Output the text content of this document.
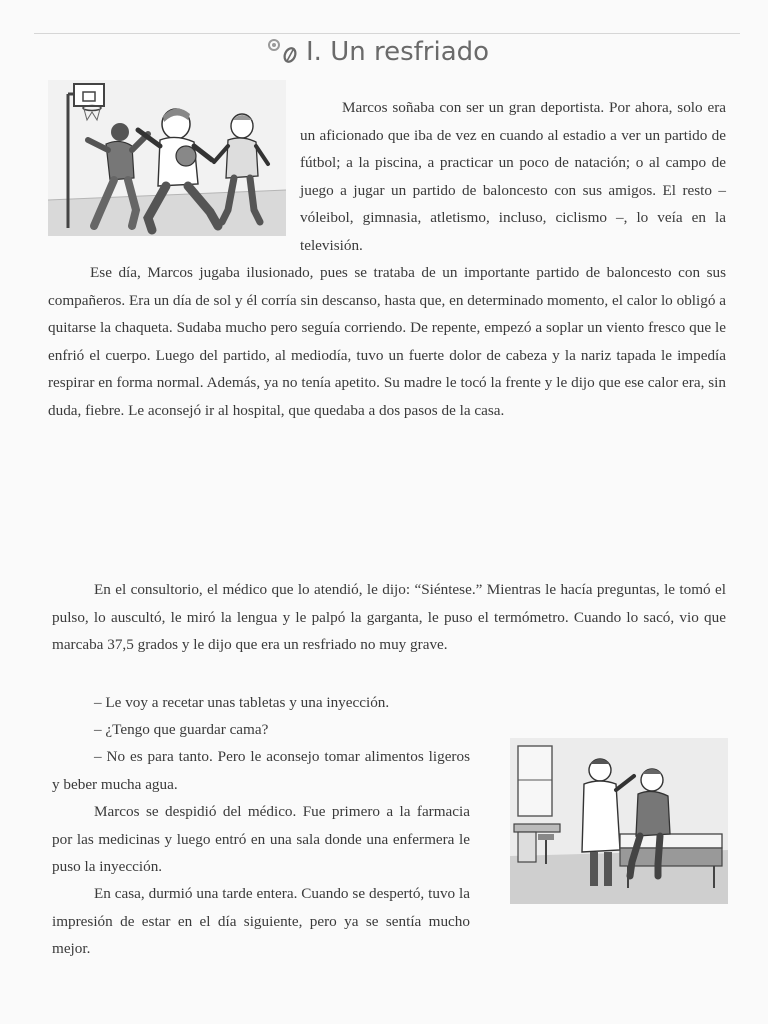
I. Un resfriado

Marcos soñaba con ser un gran deportista. Por ahora, solo era un aficionado que iba de vez en cuando al estadio a ver un partido de fútbol; a la piscina, a practicar un poco de natación; o al campo de juego a jugar un partido de baloncesto con sus amigos. El resto – vóleibol, gimnasia, atletismo, incluso, ciclismo –, lo veía en la televisión.

Ese día, Marcos jugaba ilusionado, pues se trataba de un importante partido de baloncesto con sus compañeros. Era un día de sol y él corría sin descanso, hasta que, en determinado momento, el calor lo obligó a quitarse la chaqueta. Sudaba mucho pero seguía corriendo. De repente, empezó a soplar un viento fresco que le enfrió el cuerpo. Luego del partido, al mediodía, tuvo un fuerte dolor de cabeza y la nariz tapada le impedía respirar en forma normal. Además, ya no tenía apetito. Su madre le tocó la frente y le dijo que ese calor era, sin duda, fiebre. Le aconsejó ir al hospital, que quedaba a dos pasos de la casa.

En el consultorio, el médico que lo atendió, le dijo: “Siéntese.” Mientras le hacía preguntas, le tomó el pulso, lo auscultó, le miró la lengua y le palpó la garganta, le puso el termómetro. Cuando lo sacó, vio que marcaba 37,5 grados y le dijo que era un resfriado no muy grave.

– Le voy a recetar unas tabletas y una inyección.

– ¿Tengo que guardar cama?

– No es para tanto. Pero le aconsejo tomar alimentos ligeros y beber mucha agua.

Marcos se despidió del médico. Fue primero a la farmacia por las medicinas y luego entró en una sala donde una enfermera le puso la inyección.

En casa, durmió una tarde entera. Cuando se despertó, tuvo la impresión de estar en el día siguiente, pero ya se sentía mucho mejor.
